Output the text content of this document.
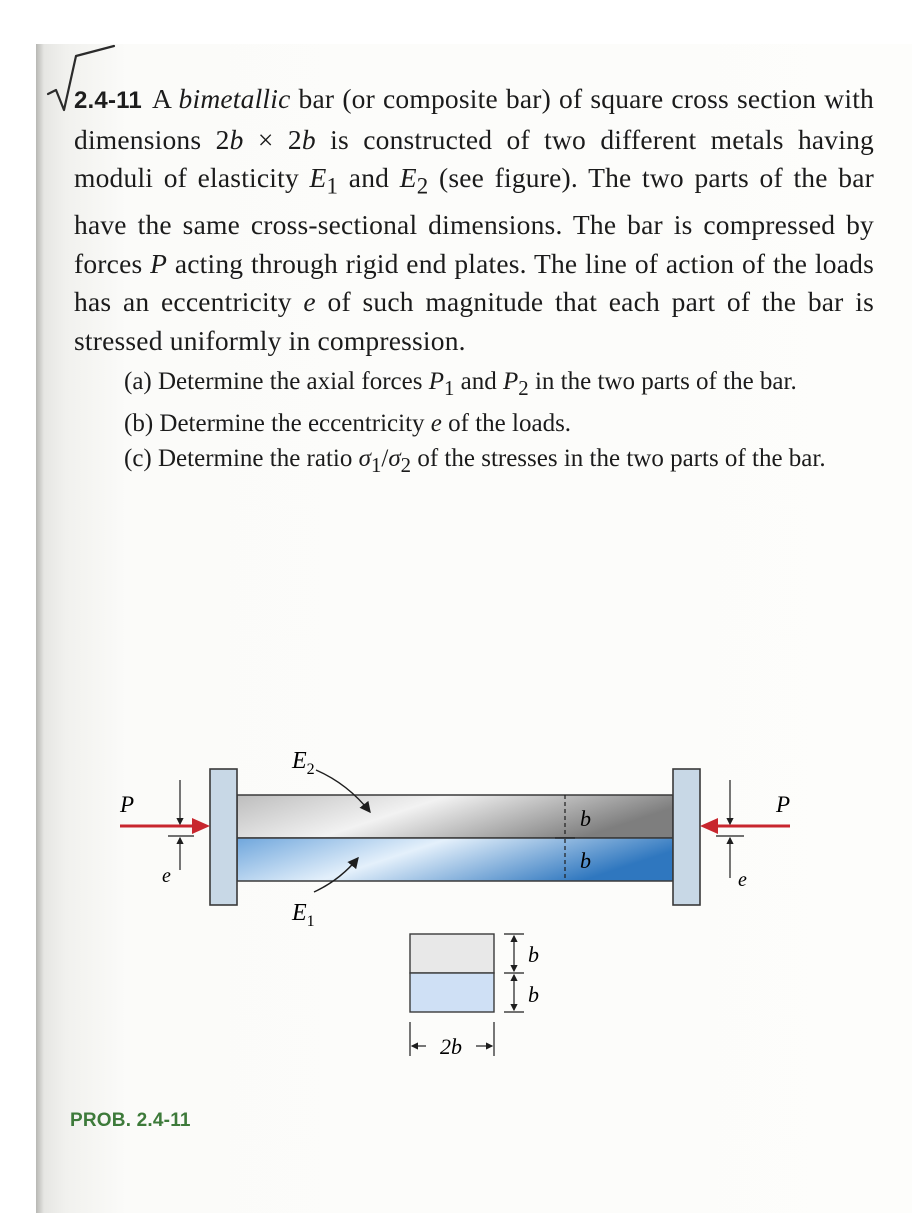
2.4-11 A bimetallic bar (or composite bar) of square cross section with dimensions 2b × 2b is constructed of two different metals having moduli of elasticity $E_1$ and $E_2$ (see figure). The two parts of the bar have the same cross-sectional dimensions. The bar is compressed by forces P acting through rigid end plates. The line of action of the loads has an eccentricity e of such magnitude that each part of the bar is stressed uniformly in compression.

(a) Determine the axial forces $P_1$ and $P_2$ in the two parts of the bar.

(b) Determine the eccentricity e of the loads.

(c) Determine the ratio $\sigma_1/\sigma_2$ of the stresses in the two parts of the bar.

P	P
e	e
$E_2$
$E_1$
b
b
b
b
2b
PROB. 2.4-11
